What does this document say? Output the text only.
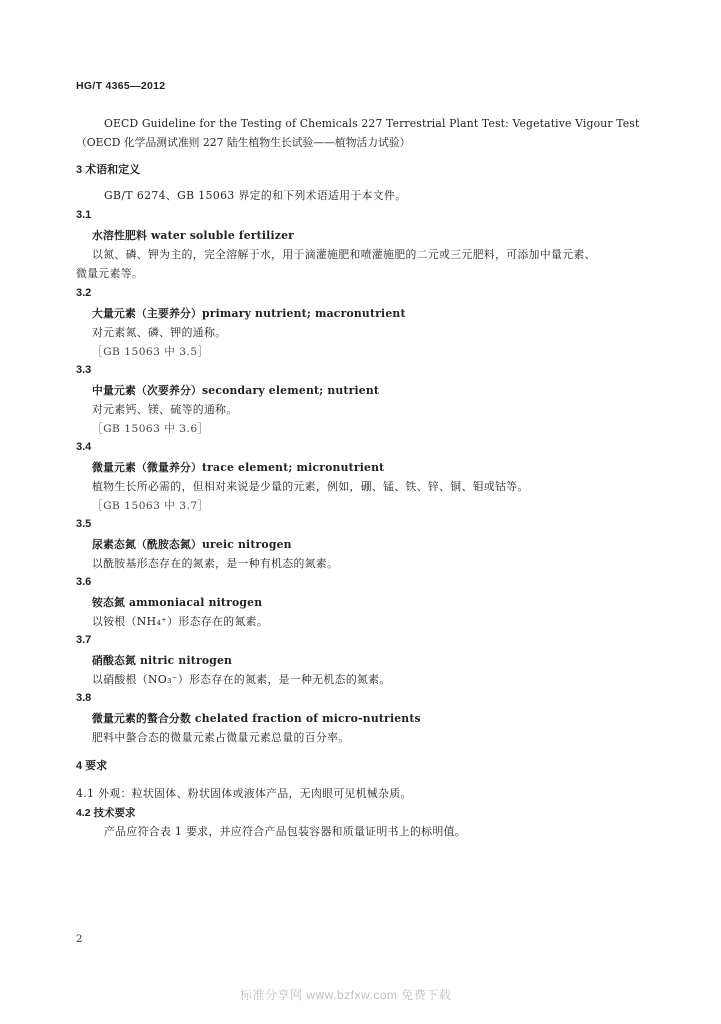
HG/T 4365—2012
OECD Guideline for the Testing of Chemicals 227 Terrestrial Plant Test: Vegetative Vigour Test
（OECD 化学品测试准则 227 陆生植物生长试验——植物活力试验）
3 术语和定义
GB/T 6274、GB 15063 界定的和下列术语适用于本文件。
3.1
水溶性肥料 water soluble fertilizer
以氮、磷、钾为主的，完全溶解于水，用于滴灌施肥和喷灌施肥的二元或三元肥料，可添加中量元素、
微量元素等。
3.2
大量元素（主要养分）primary nutrient; macronutrient
对元素氮、磷、钾的通称。
［GB 15063 中 3.5］
3.3
中量元素（次要养分）secondary element; nutrient
对元素钙、镁、硫等的通称。
［GB 15063 中 3.6］
3.4
微量元素（微量养分）trace element; micronutrient
植物生长所必需的，但相对来说是少量的元素，例如，硼、锰、铁、锌、铜、钼或钴等。
［GB 15063 中 3.7］
3.5
尿素态氮（酰胺态氮）ureic nitrogen
以酰胺基形态存在的氮素，是一种有机态的氮素。
3.6
铵态氮 ammoniacal nitrogen
以铵根（NH₄⁺）形态存在的氮素。
3.7
硝酸态氮 nitric nitrogen
以硝酸根（NO₃⁻）形态存在的氮素，是一种无机态的氮素。
3.8
微量元素的螯合分数 chelated fraction of micro-nutrients
肥料中螯合态的微量元素占微量元素总量的百分率。
4 要求
4.1 外观：粒状固体、粉状固体或液体产品，无肉眼可见机械杂质。
4.2 技术要求
产品应符合表 1 要求，并应符合产品包装容器和质量证明书上的标明值。
2
标准分享网 www.bzfxw.com 免费下载
